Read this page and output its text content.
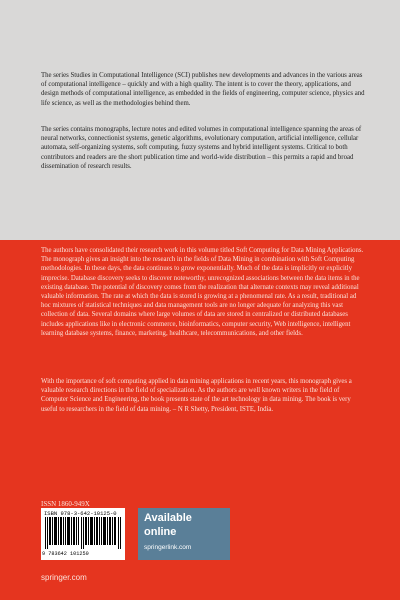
The series Studies in Computational Intelligence (SCI) publishes new developments and advances in the various areas of computational intelligence – quickly and with a high quality. The intent is to cover the theory, applications, and design methods of computational intelligence, as embedded in the fields of engineering, computer science, physics and life science, as well as the methodologies behind them.
The series contains monographs, lecture notes and edited volumes in computational intelligence spanning the areas of neural networks, connectionist systems, genetic algorithms, evolutionary computation, artificial intelligence, cellular automata, self-organizing systems, soft computing, fuzzy systems and hybrid intelligent systems. Critical to both contributors and readers are the short publication time and world-wide distribution – this permits a rapid and broad dissemination of research results.
The authors have consolidated their research work in this volume titled Soft Computing for Data Mining Applications. The monograph gives an insight into the research in the fields of Data Mining in combination with Soft Computing methodologies. In these days, the data continues to grow exponentially. Much of the data is implicitly or explicitly imprecise. Database discovery seeks to discover noteworthy, unrecognized associations between the data items in the existing database. The potential of discovery comes from the realization that alternate contexts may reveal additional valuable information. The rate at which the data is stored is growing at a phenomenal rate. As a result, traditional ad hoc mixtures of statistical techniques and data management tools are no longer adequate for analyzing this vast collection of data. Several domains where large volumes of data are stored in centralized or distributed databases includes applications like in electronic commerce, bioinformatics, computer security, Web intelligence, intelligent learning database systems, finance, marketing, healthcare, telecommunications, and other fields.
With the importance of soft computing applied in data mining applications in recent years, this monograph gives a valuable research directions in the field of specialization. As the authors are well known writers in the field of Computer Science and Engineering, the book presents state of the art technology in data mining. The book is very useful to researchers in the field of data mining. – N R Shetty, President, ISTE, India.
ISSN 1860-949X
ISBN 978-3-642-10125-0
9 783642 101250
Available
online
springerlink.com
springer.com
